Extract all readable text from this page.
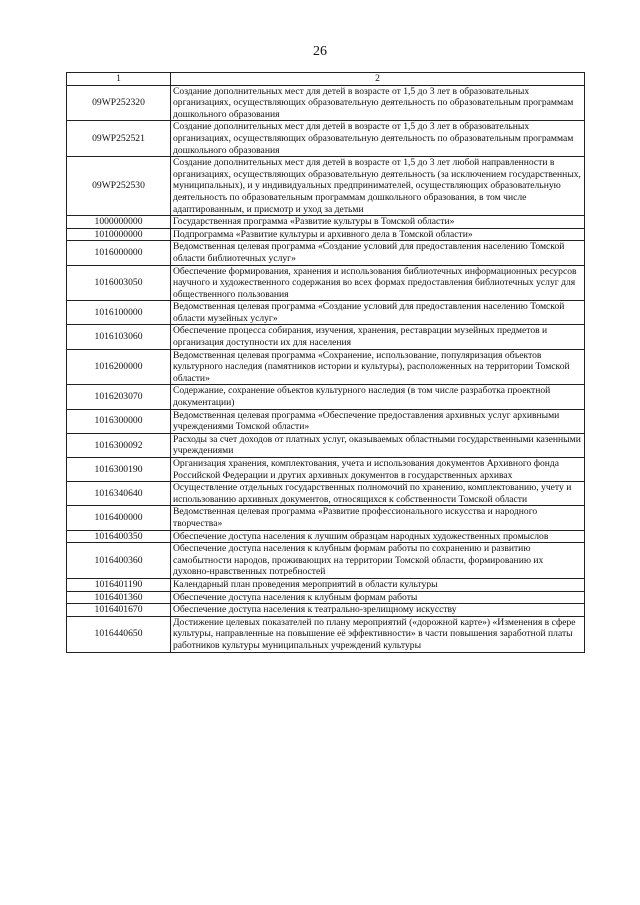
26
1	2
09WP252320	Создание дополнительных мест для детей в возрасте от 1,5 до 3 лет в образовательных организациях, осуществляющих образовательную деятельность по образовательным программам дошкольного образования
09WP252521	Создание дополнительных мест для детей в возрасте от 1,5 до 3 лет в образовательных организациях, осуществляющих образовательную деятельность по образовательным программам дошкольного образования
09WP252530	Создание дополнительных мест для детей в возрасте от 1,5 до 3 лет любой направленности в организациях, осуществляющих образовательную деятельность (за исключением государственных, муниципальных), и у индивидуальных предпринимателей, осуществляющих образовательную деятельность по образовательным программам дошкольного образования, в том числе адаптированным, и присмотр и уход за детьми
1000000000	Государственная программа «Развитие культуры в Томской области»
1010000000	Подпрограмма «Развитие культуры и архивного дела в Томской области»
1016000000	Ведомственная целевая программа «Создание условий для предоставления населению Томской области библиотечных услуг»
1016003050	Обеспечение формирования, хранения и использования библиотечных информационных ресурсов научного и художественного содержания во всех формах предоставления библиотечных услуг для общественного пользования
1016100000	Ведомственная целевая программа «Создание условий для предоставления населению Томской области музейных услуг»
1016103060	Обеспечение процесса собирания, изучения, хранения, реставрации музейных предметов и организация доступности их для населения
1016200000	Ведомственная целевая программа «Сохранение, использование, популяризация объектов культурного наследия (памятников истории и культуры), расположенных на территории Томской области»
1016203070	Содержание, сохранение объектов культурного наследия (в том числе разработка проектной документации)
1016300000	Ведомственная целевая программа «Обеспечение предоставления архивных услуг архивными учреждениями Томской области»
1016300092	Расходы за счет доходов от платных услуг, оказываемых областными государственными казенными учреждениями
1016300190	Организация хранения, комплектования, учета и использования документов Архивного фонда Российской Федерации и других архивных документов в государственных архивах
1016340640	Осуществление отдельных государственных полномочий по хранению, комплектованию, учету и использованию архивных документов, относящихся к собственности Томской области
1016400000	Ведомственная целевая программа «Развитие профессионального искусства и народного творчества»
1016400350	Обеспечение доступа населения к лучшим образцам народных художественных промыслов
1016400360	Обеспечение доступа населения к клубным формам работы по сохранению и развитию самобытности народов, проживающих на территории Томской области, формированию их духовно-нравственных потребностей
1016401190	Календарный план проведения мероприятий в области культуры
1016401360	Обеспечение доступа населения к клубным формам работы
1016401670	Обеспечение доступа населения к театрально-зрелищному искусству
1016440650	Достижение целевых показателей по плану мероприятий («дорожной карте») «Изменения в сфере культуры, направленные на повышение её эффективности» в части повышения заработной платы работников культуры муниципальных учреждений культуры
